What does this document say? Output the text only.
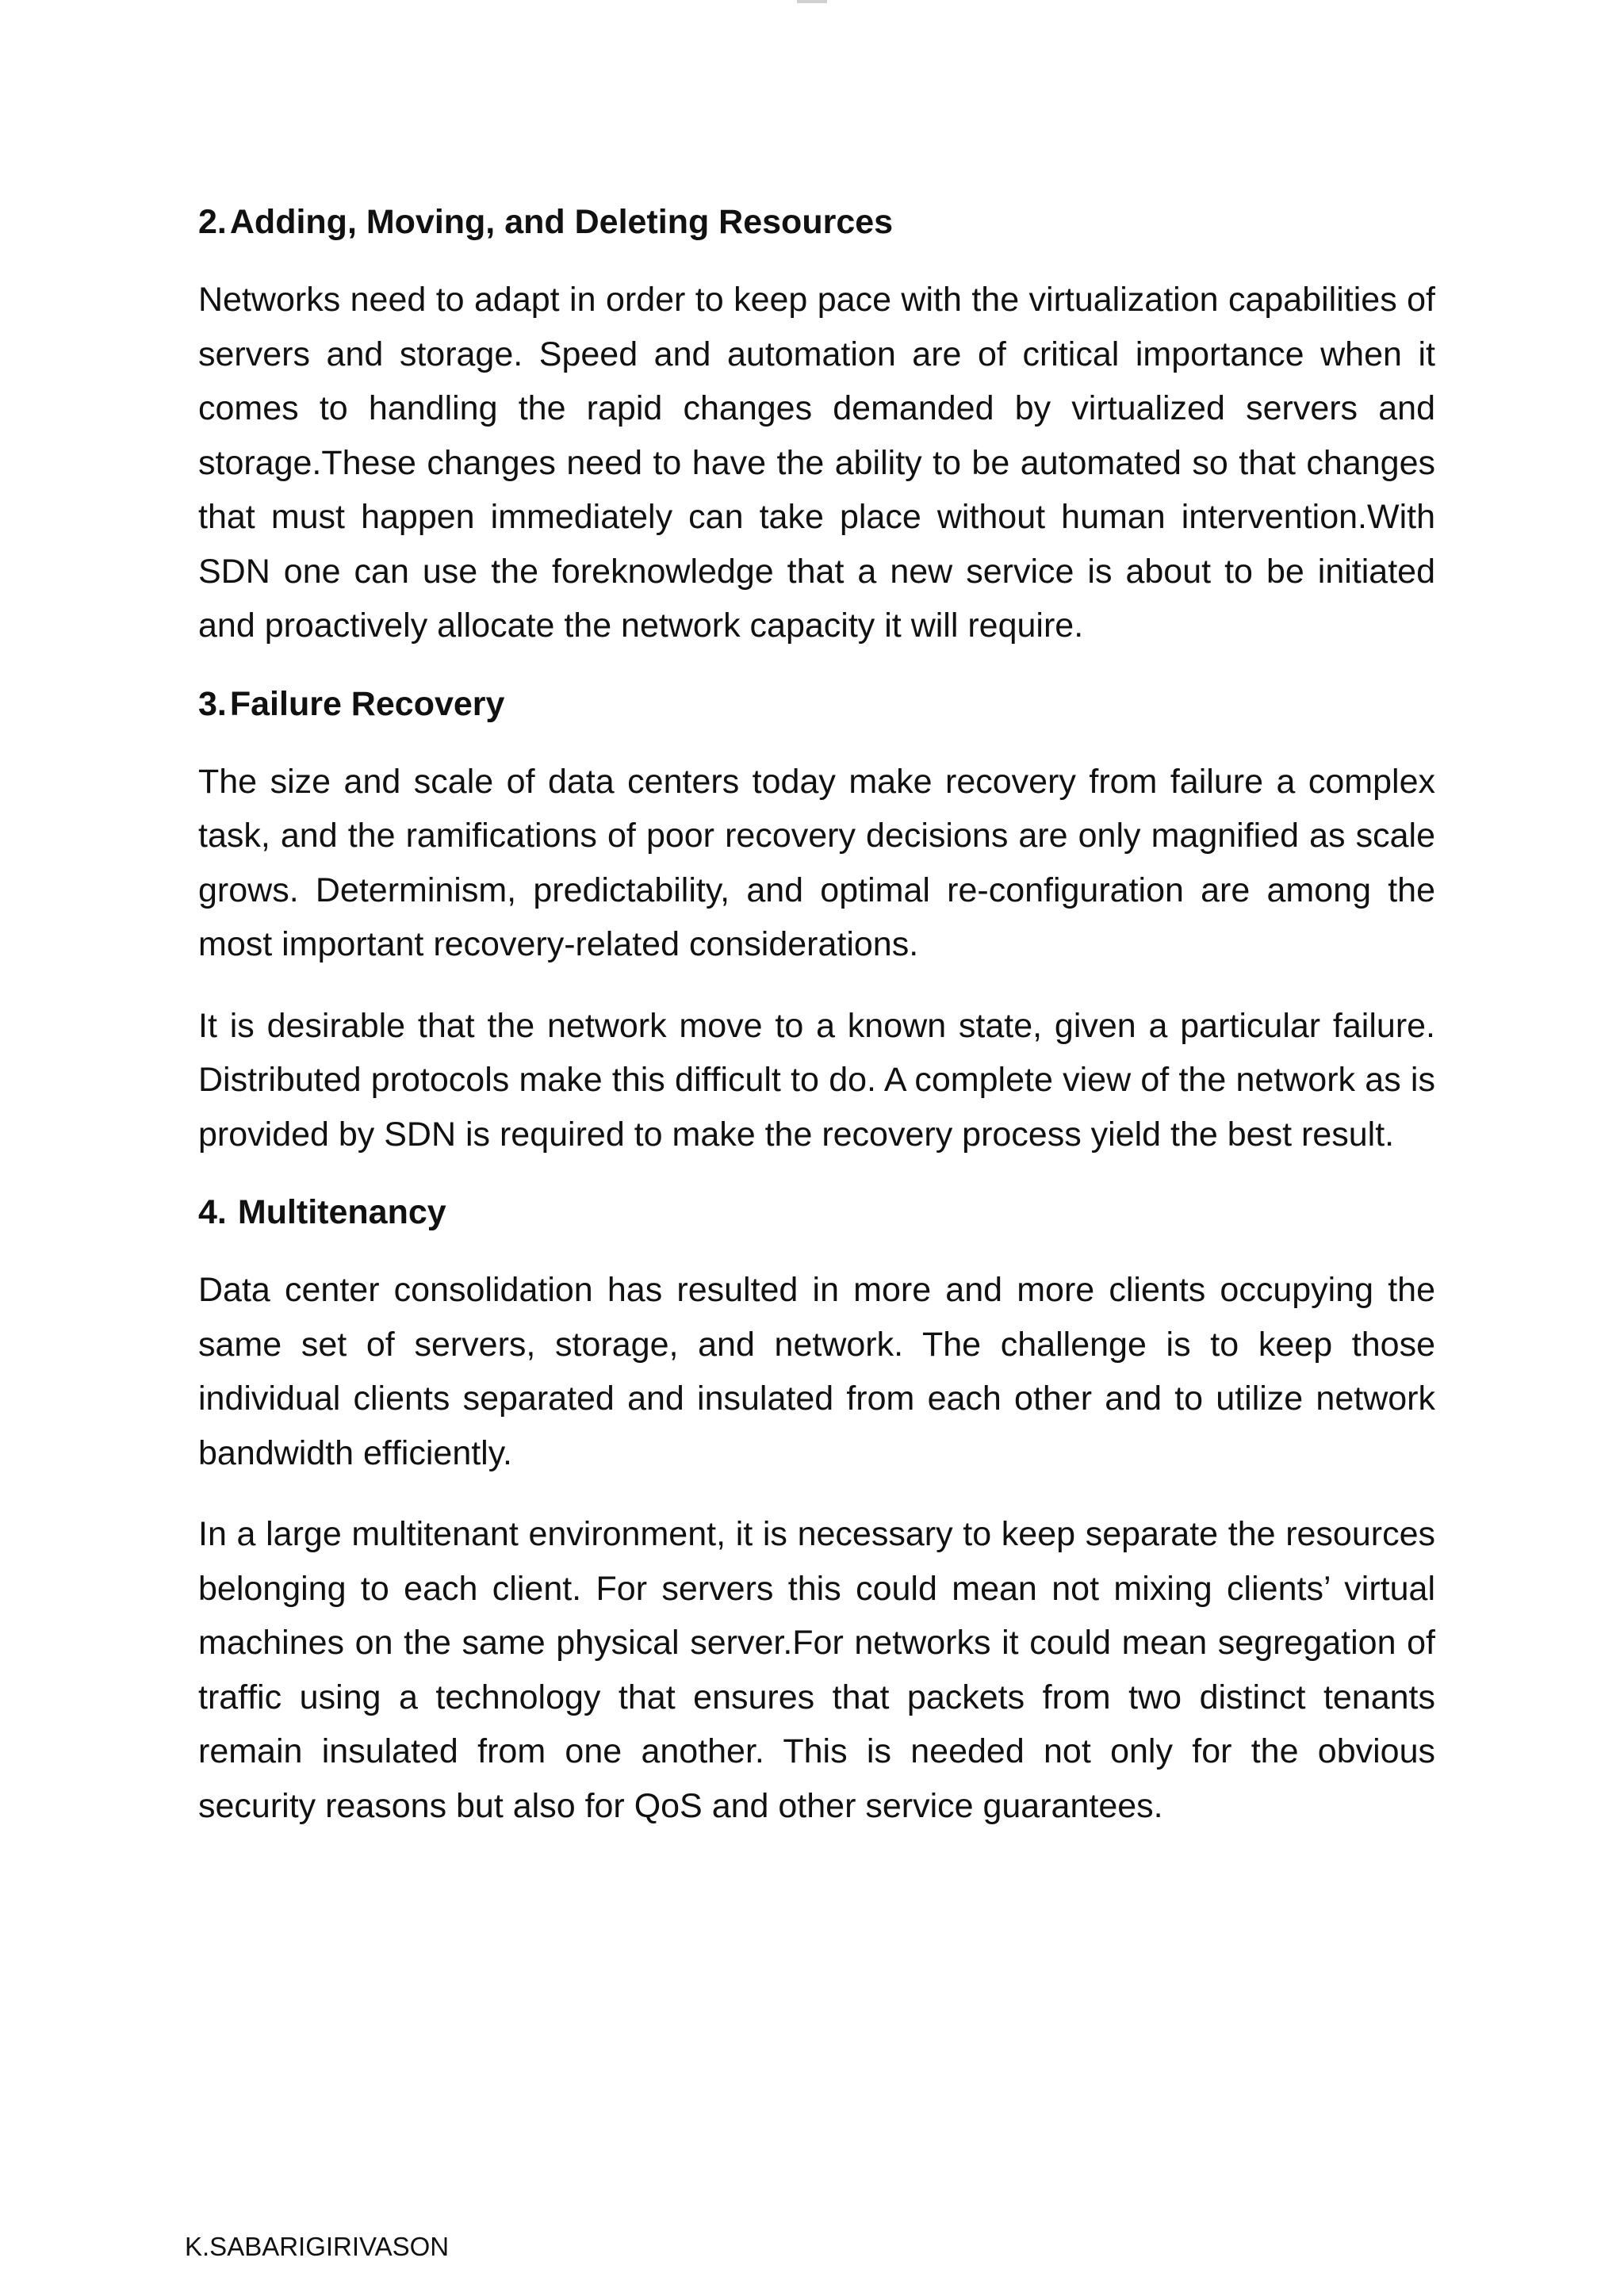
2.Adding, Moving, and Deleting Resources

Networks need to adapt in order to keep pace with the virtualization capabilities of servers and storage. Speed and automation are of critical importance when it comes to handling the rapid changes demanded by virtualized servers and storage.These changes need to have the ability to be automated so that changes that must happen immediately can take place without human intervention.With SDN one can use the foreknowledge that a new service is about to be initiated and proactively allocate the network capacity it will require.

3.Failure Recovery

The size and scale of data centers today make recovery from failure a complex task, and the ramifications of poor recovery decisions are only magnified as scale grows. Determinism, predictability, and optimal re-configuration are among the most important recovery-related considerations.

It is desirable that the network move to a known state, given a particular failure. Distributed protocols make this difﬁcult to do. A complete view of the network as is provided by SDN is required to make the recovery process yield the best result.

4. Multitenancy

Data center consolidation has resulted in more and more clients occupying the same set of servers, storage, and network. The challenge is to keep those individual clients separated and insulated from each other and to utilize network bandwidth efﬁciently.

In a large multitenant environment, it is necessary to keep separate the resources belonging to each client. For servers this could mean not mixing clients’ virtual machines on the same physical server.For networks it could mean segregation of trafﬁc using a technology that ensures that packets from two distinct tenants remain insulated from one another. This is needed not only for the obvious security reasons but also for QoS and other service guarantees.

K.SABARIGIRIVASON
